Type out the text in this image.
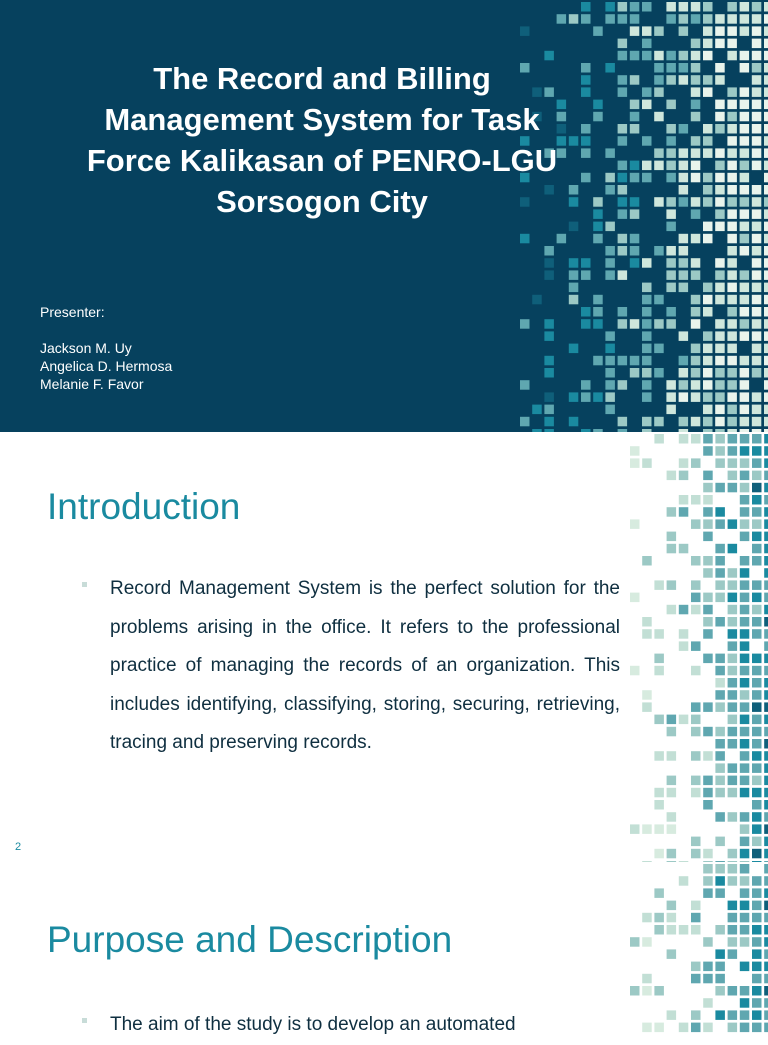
The Record and Billing Management System for Task Force Kalikasan of PENRO-LGU Sorsogon City
Presenter:
Jackson M. Uy
Angelica D. Hermosa
Melanie F. Favor
Introduction

Record Management System is the perfect solution for the problems arising in the office. It refers to the professional practice of managing the records of an organization. This includes identifying, classifying, storing, securing, retrieving, tracing and preserving records.

2
Purpose and Description

The aim of the study is to develop an automated
